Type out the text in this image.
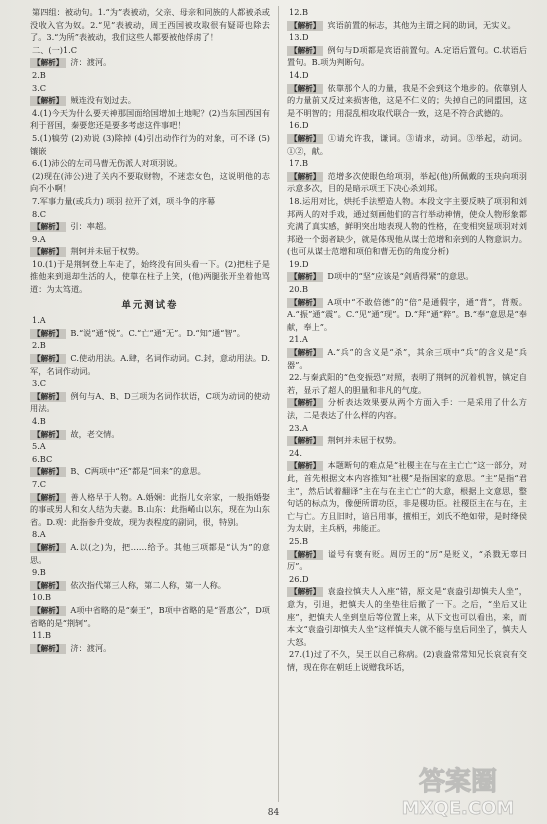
第四组：被动句。1.“为”表被动，父亲、母亲和同族的人都被杀或没收入官为奴。2.“见”表被动，周王西国被攻取很有疑哥也除去了。3.“为所”表被动，我们这些人都要被他俘虏了！
二、(一)1.C
【解析】 济：渡河。
2.B
3.C
【解析】 贼连没有划过去。
4.(1)今天为什么要天神那国面给国增加土地呢？(2)当东国西国有利于晋国，秦要您还是要多考虑这件事吧！
5.(1)犒劳 (2)劝说 (3)除掉 (4)引出动作行为的对象，可不译 (5)镶嵌
6.(1)沛公的左司马曹无伤派人对项羽说。
(2)现在(沛公)进了关内不要取财物，不迷恋女色，这说明他的志向不小啊！
7.军事力量(或兵力) 项羽 拉开了刘，项斗争的序幕
8.C
【解析】 引：率超。
9.A
【解析】 荆轲并未屈于权势。
10.(1)于是荆轲登上车走了，始终没有回头看一下。(2)把柱子是推他来到退却生活的人，使靠在柱子上笑，(他)两腿张开坐着他骂道：为太笃道。
单元测试卷
1.A
【解析】 B.“说”通“悦”。C.“亡”通“无”。D.“知”通“智”。
2.B
【解析】 C.使动用法。A.肆，名词作动词。C.封，意动用法。D.军，名词作动词。
3.C
【解析】 例句与A、B、D三项为名词作状语，C项为动词的使动用法。
4.B
【解析】 故，老交情。
5.A
6.BC
【解析】 B、C两项中“还”都是“回来”的意思。
7.C
【解析】 善人格早于人物。A.婚娴：此指儿女亲家，一般指婚娶的事或男人和女人结为夫妻。B.山东：此指崤山以东，现在为山东省。D.观：此指参升变故，现为表程度的副词，很，特别。
8.A
【解析】 A.以(之)为，把……给予。其他三项都是“认为”的意思。
9.B
【解析】 依次指代第三人称，第二人称，第一人称。
10.B
【解析】 A项中省略的是“秦王”，B项中省略的是“晋惠公”，D项省略的是“荆轲”。
11.B
【解析】 济：渡河。
12.B
【解析】 宾语前置的标志，其他为主谓之间的助词，无实义。
13.D
【解析】 例句与D项都是宾语前置句。A.定语后置句。C.状语后置句。B.项为判断句。
14.D
【解析】 依靠那个人的力量，我是不会到这个地步的。依靠别人的力量前又反过来损害他，这是不仁义的；失掉自己的同盟国，这是不明智的；用混乱相攻取代联合一致，这是不符合武德的。
16.D
【解析】 ①请允许我，谦词。③请求，动词。③举起，动词。①②，献。
17.B
【解析】 范增多次使眼色给项羽，举起(他)所佩戴的玉玦向项羽示意多次，目的是暗示项王下决心杀刘邦。
18.运用对比，烘托手法塑造人物。本段文字主要反映了项羽和刘邦两人的对手戏，通过刻画他们的言行举动神情，使众人物形象都充满了真实感，鲜明突出地表现人物的性格，在变相突显项羽对刘邦逊一个弱者缺少，就是体现他从谋士范增和亲到的人物意识力。(也可从谋士范增和项伯和曹无伤的角度分析)
19.D
【解析】 D项中的“坚”应该是“剑盾得紧”的意思。
20.B
【解析】 A项中“不敢倍德”的“倍”是通假字，通“背”，背叛。A.“振”通“震”。C.“见”通“现”。D.“拜”通“粹”。B.“奉”意思是“奉献，奉上”。
21.A
【解析】 A.“兵”的含义是“杀”，其余三项中“兵”的含义是“兵器”。
22.与秦武阳的“色变振恐”对照，表明了荆轲的沉着机智，镇定自若，显示了超人的胆量和非凡的气度。
【解析】 分析表达效果要从两个方面入手：一是采用了什么方法，二是表达了什么样的内容。
23.A
【解析】 荆轲并未屈于权势。
24.
【解析】 本题断句的难点是“社稷主在与在主亡亡”这一部分，对此，首先根据文本内容推知“社稷”是指国家的意思。“主”是指“君主”，然后试着翻译“主在与在主亡亡”的大意，根据上文意思，整句话的标点为，像便所谓功臣，非是稷功臣。社稷臣主在与在，主亡与亡。方且旧时，谙吕用事，擅相王，刘氏不绝如带，是时绛侯为太尉，主兵柄，弗能正。
25.B
【解析】 谥号有褒有贬。周厉王的“厉”是贬义，“杀戮无辜曰厉”。
26.D
【解析】 袁盎拉慎夫人入座“错，原文是“袁盎引却慎夫人坐”，意为，引退，把慎夫人的坐垫往后撤了一下。之后，“坐后又让座”，把慎夫人坐到皇后等位置上来，从下文也可以看出，来，而本文“袁盎引却慎夫人坐”这样慎夫人就不能与皇后同坐了，慎夫人大怒。
27.(1)过了不久，吴王以自己称病。(2)袁盎常常知兄长哀哀有交情，现在你在朝廷上说赠我坏话，
84
答案圈
MXQE.COM
